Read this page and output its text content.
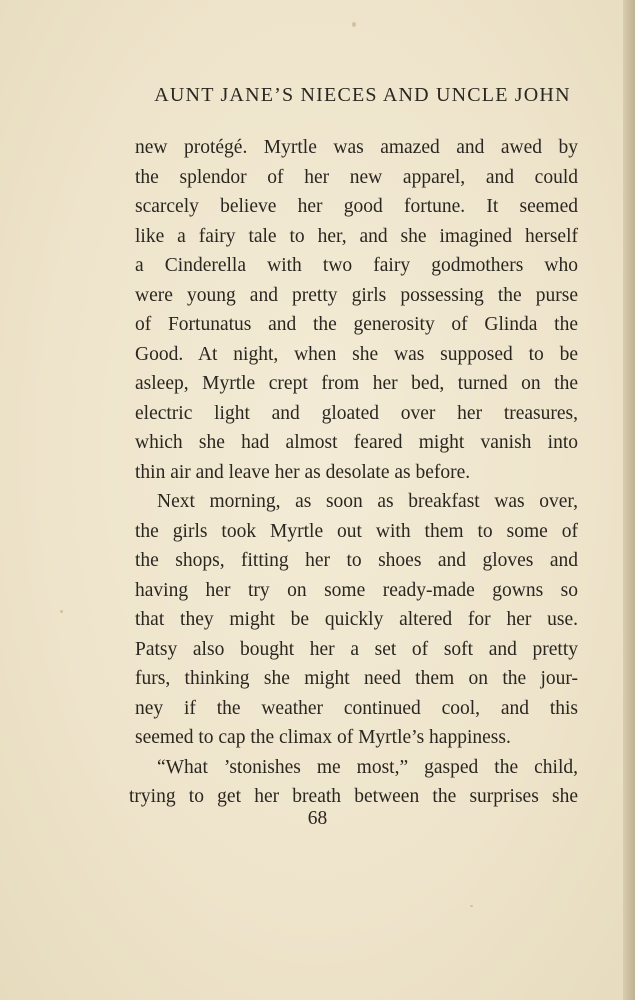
AUNT JANE’S NIECES AND UNCLE JOHN
new protégé. Myrtle was amazed and awed by
the splendor of her new apparel, and could
scarcely believe her good fortune. It seemed
like a fairy tale to her, and she imagined herself
a Cinderella with two fairy godmothers who
were young and pretty girls possessing the purse
of Fortunatus and the generosity of Glinda the
Good. At night, when she was supposed to be
asleep, Myrtle crept from her bed, turned on the
electric light and gloated over her treasures,
which she had almost feared might vanish into
thin air and leave her as desolate as before.
Next morning, as soon as breakfast was over,
the girls took Myrtle out with them to some of
the shops, fitting her to shoes and gloves and
having her try on some ready-made gowns so
that they might be quickly altered for her use.
Patsy also bought her a set of soft and pretty
furs, thinking she might need them on the jour-
ney if the weather continued cool, and this
seemed to cap the climax of Myrtle’s happiness.
“What ’stonishes me most,” gasped the child,
trying to get her breath between the surprises she
68
